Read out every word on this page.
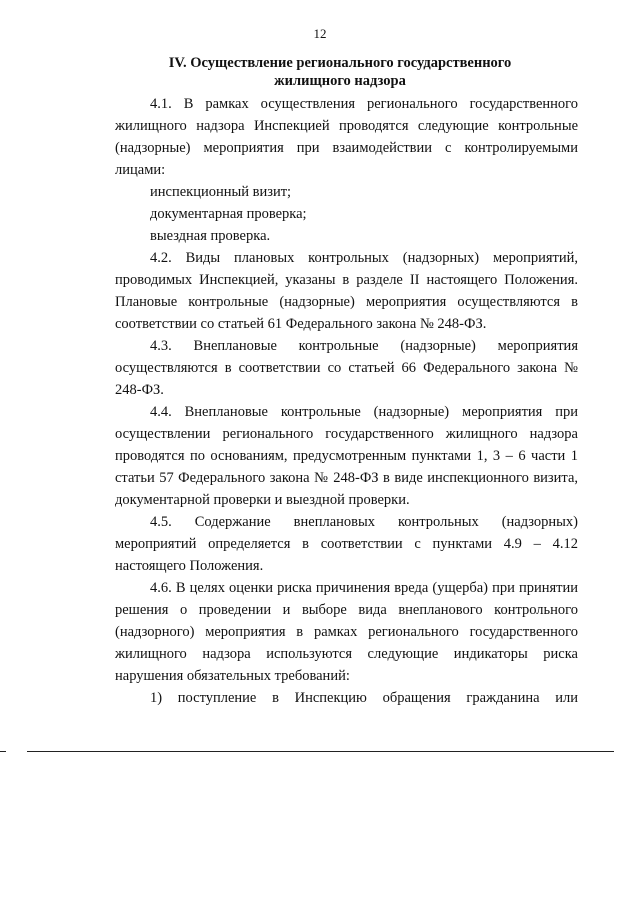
12
IV. Осуществление регионального государственного
жилищного надзора

4.1. В рамках осуществления регионального государственного жилищного надзора Инспекцией проводятся следующие контрольные (надзорные) мероприятия при взаимодействии с контролируемыми лицами:

инспекционный визит;

документарная проверка;

выездная проверка.

4.2. Виды плановых контрольных (надзорных) мероприятий, проводимых Инспекцией, указаны в разделе II настоящего Положения. Плановые контрольные (надзорные) мероприятия осуществляются в соответствии со статьей 61 Федерального закона № 248-ФЗ.

4.3. Внеплановые контрольные (надзорные) мероприятия осуществляются в соответствии со статьей 66 Федерального закона № 248-ФЗ.

4.4. Внеплановые контрольные (надзорные) мероприятия при осуществлении регионального государственного жилищного надзора проводятся по основаниям, предусмотренным пунктами 1, 3 – 6 части 1 статьи 57 Федерального закона № 248-ФЗ в виде инспекционного визита, документарной проверки и выездной проверки.

4.5. Содержание внеплановых контрольных (надзорных) мероприятий определяется в соответствии с пунктами 4.9 – 4.12 настоящего Положения.

4.6. В целях оценки риска причинения вреда (ущерба) при принятии решения о проведении и выборе вида внепланового контрольного (надзорного) мероприятия в рамках регионального государственного жилищного надзора используются следующие индикаторы риска нарушения обязательных требований:

1) поступление в Инспекцию обращения гражданина или
